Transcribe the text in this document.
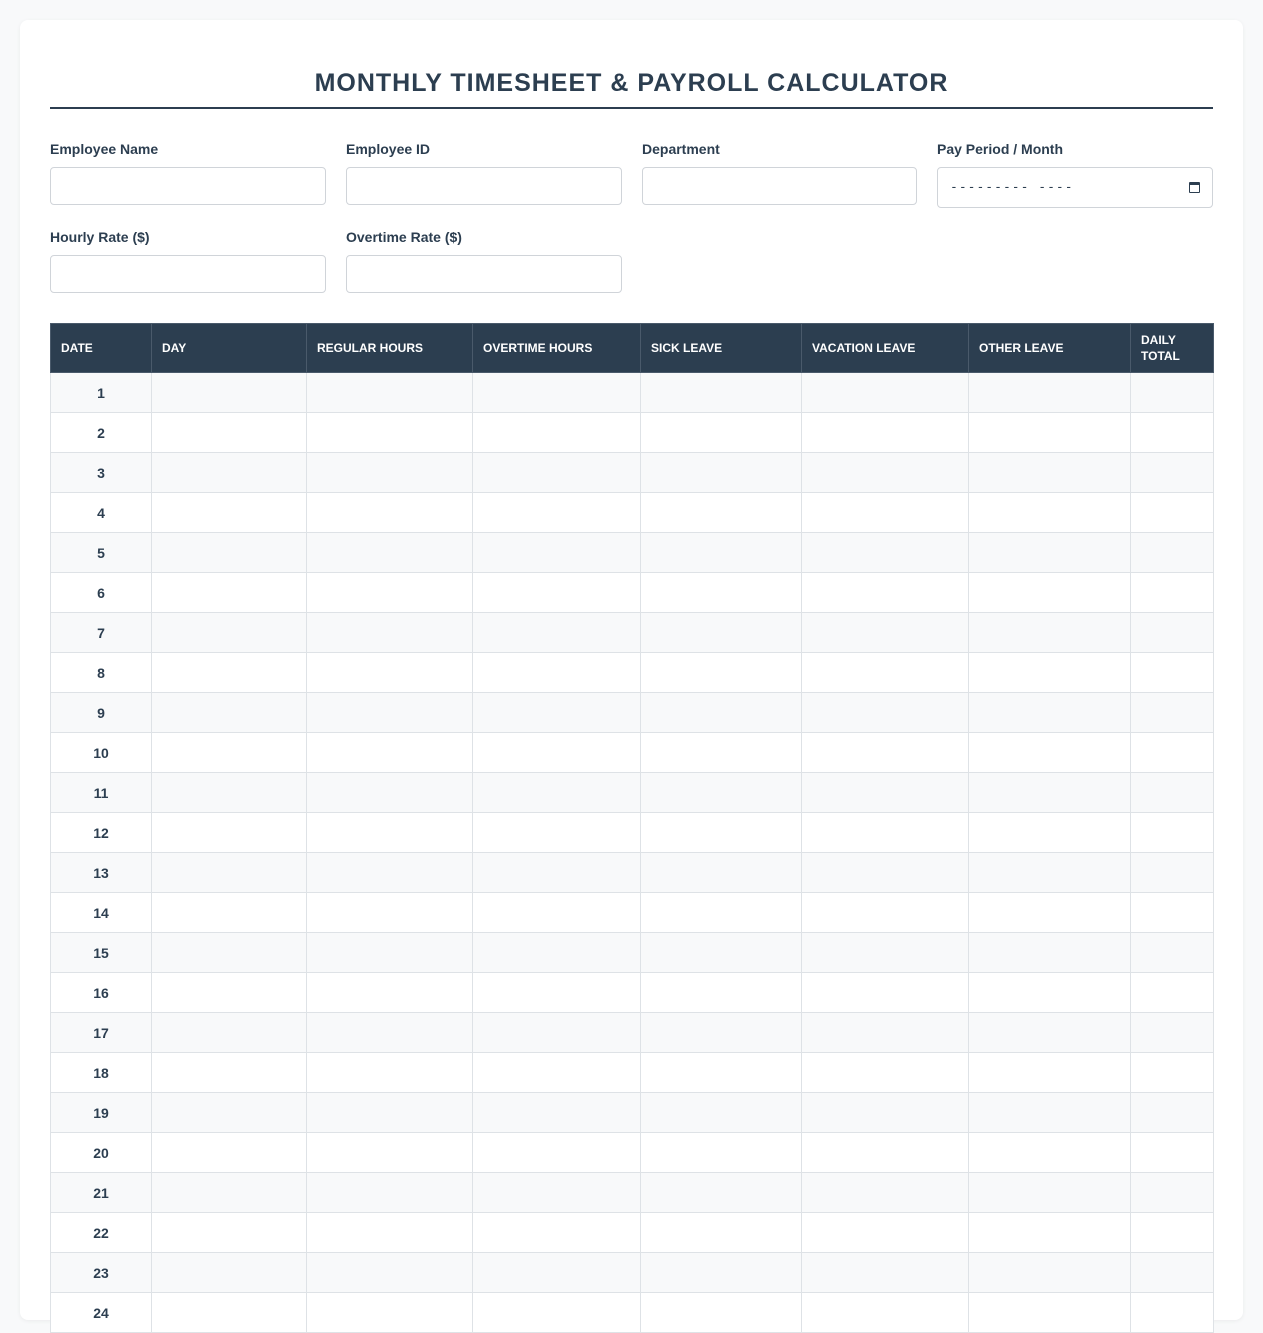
MONTHLY TIMESHEET & PAYROLL CALCULATOR
Employee Name	Employee ID	Department	Pay Period / Month
--------- ----
Hourly Rate ($)	Overtime Rate ($)
DATE	DAY	REGULAR HOURS	OVERTIME HOURS	SICK LEAVE	VACATION LEAVE	OTHER LEAVE	DAILY TOTAL
1							
2							
3							
4							
5							
6							
7							
8							
9							
10							
11							
12							
13							
14							
15							
16							
17							
18							
19							
20							
21							
22							
23							
24							
